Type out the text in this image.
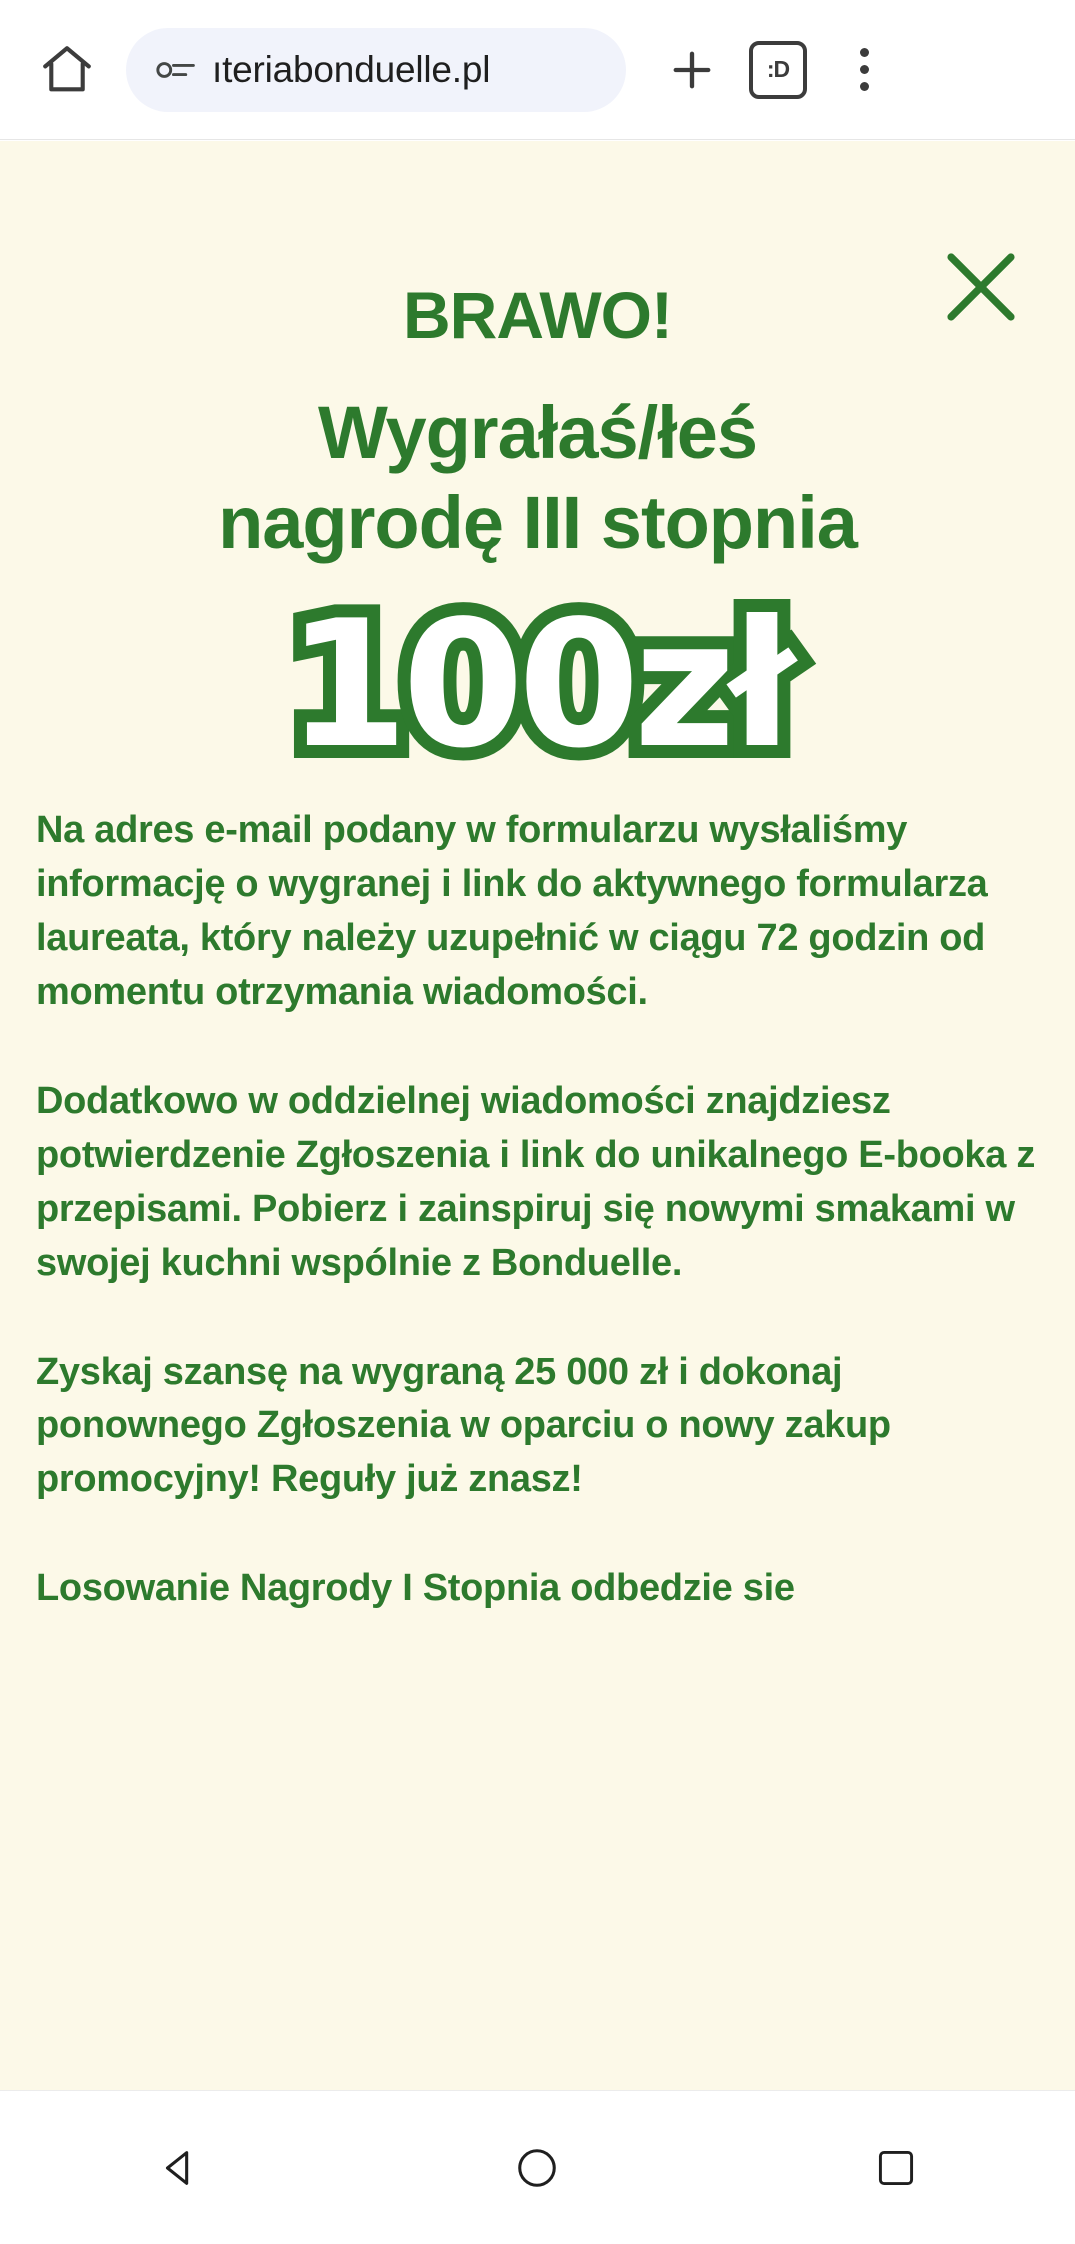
ıteriabonduelle.pl	:D
BRAWO!
Wygrałaś/łeś
nagrodę III stopnia
100zł
Na adres e-mail podany w formularzu wysłaliśmy informację o wygranej i link do aktywnego formularza laureata, który należy uzupełnić w ciągu 72 godzin od momentu otrzymania wiadomości.
Dodatkowo w oddzielnej wiadomości znajdziesz potwierdzenie Zgłoszenia i link do unikalnego E-booka z przepisami. Pobierz i zainspiruj się nowymi smakami w swojej kuchni wspólnie z Bonduelle.
Zyskaj szansę na wygraną 25 000 zł i dokonaj ponownego Zgłoszenia w oparciu o nowy zakup promocyjny! Reguły już znasz!
Losowanie Nagrody I Stopnia odbedzie sie
